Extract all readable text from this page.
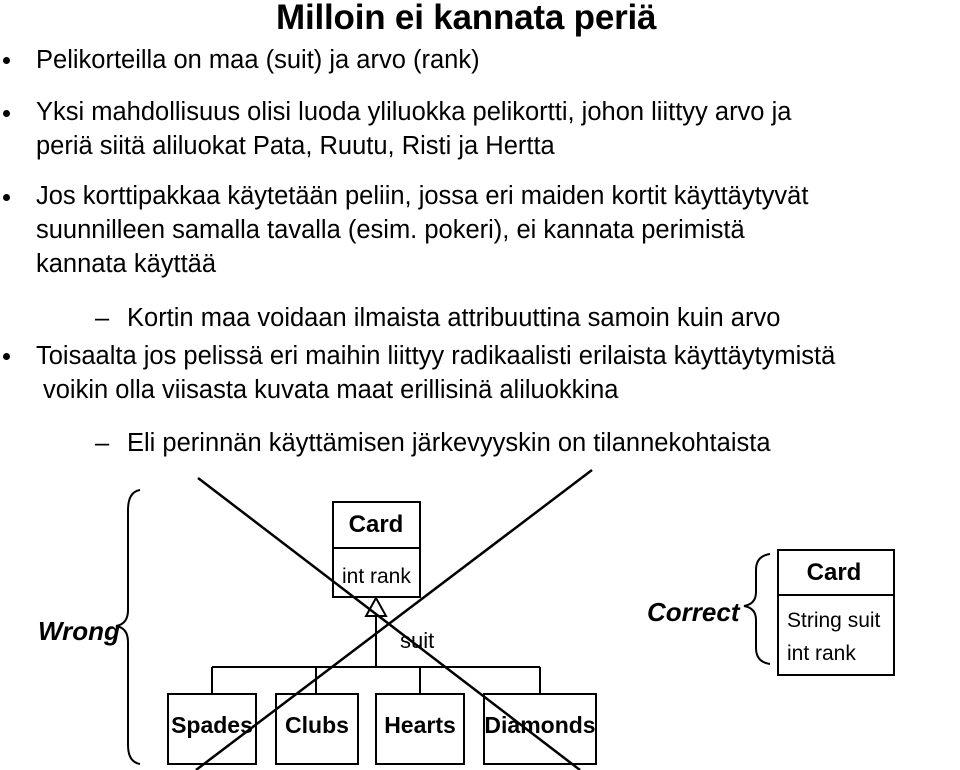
Milloin ei kannata periä
Pelikorteilla on maa (suit) ja arvo (rank)
Yksi mahdollisuus olisi luoda yliluokka pelikortti, johon liittyy arvo ja
periä siitä aliluokat Pata, Ruutu, Risti ja Hertta
Jos korttipakkaa käytetään peliin, jossa eri maiden kortit käyttäytyvät
suunnilleen samalla tavalla (esim. pokeri), ei kannata perimistä
kannata käyttää
– Kortin maa voidaan ilmaista attribuuttina samoin kuin arvo
Toisaalta jos pelissä eri maihin liittyy radikaalisti erilaista käyttäytymistä
voikin olla viisasta kuvata maat erillisinä aliluokkina
– Eli perinnän käyttämisen järkevyyskin on tilannekohtaista
Wrong
Card
int rank
suit
Spades Clubs Hearts Diamonds
Correct
Card
String suit
int rank
